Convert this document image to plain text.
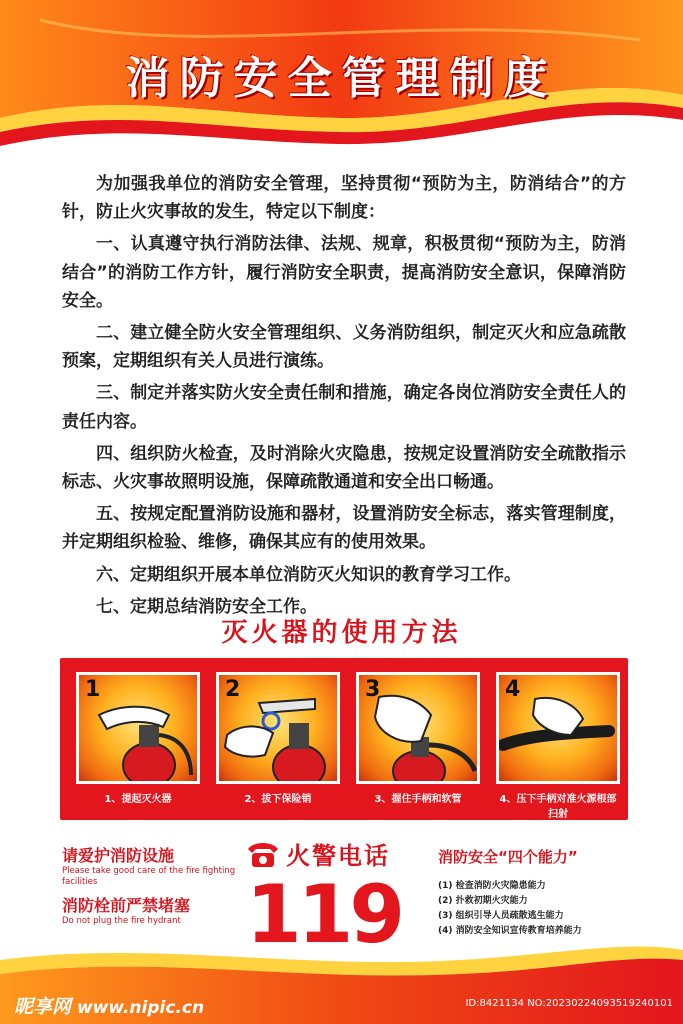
消防安全管理制度

为加强我单位的消防安全管理，坚持贯彻“预防为主，防消结合”的方针，防止火灾事故的发生，特定以下制度：

一、认真遵守执行消防法律、法规、规章，积极贯彻“预防为主，防消结合”的消防工作方针，履行消防安全职责，提高消防安全意识，保障消防安全。

二、建立健全防火安全管理组织、义务消防组织，制定灭火和应急疏散预案，定期组织有关人员进行演练。

三、制定并落实防火安全责任制和措施，确定各岗位消防安全责任人的责任内容。

四、组织防火检查，及时消除火灾隐患，按规定设置消防安全疏散指示标志、火灾事故照明设施，保障疏散通道和安全出口畅通。

五、按规定配置消防设施和器材，设置消防安全标志，落实管理制度，并定期组织检验、维修，确保其应有的使用效果。

六、定期组织开展本单位消防灭火知识的教育学习工作。

七、定期总结消防安全工作。

灭火器的使用方法
1
1、提起灭火器
2
2、拔下保险销
3
3、握住手柄和软管
4
4、压下手柄对准火源根部扫射
请爱护消防设施
Please take good care of the fire fighting facilities
消防栓前严禁堵塞
Do not plug the fire hydrant
火警电话
119
消防安全“四个能力”
(1) 检查消防火灾隐患能力
(2) 扑救初期火灾能力
(3) 组织引导人员疏散逃生能力
(4) 消防安全知识宣传教育培养能力
昵享网 www.nipic.cn	ID:8421134 NO:20230224093519240101
